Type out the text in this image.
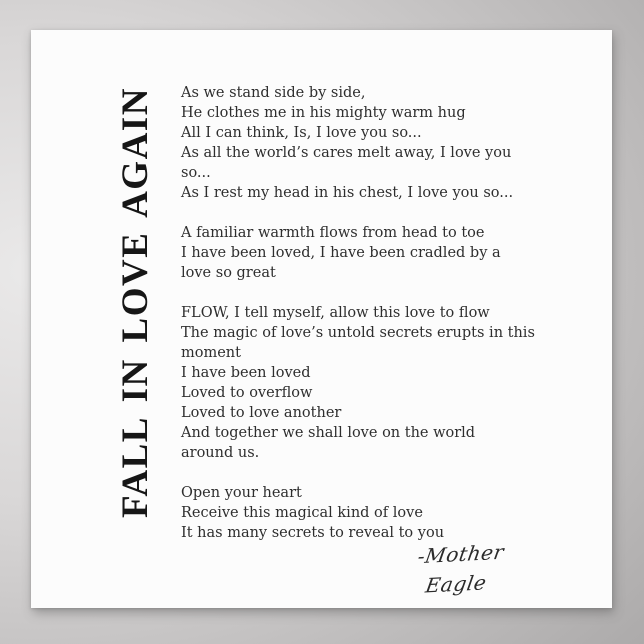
FALL IN LOVE AGAIN As we stand side by side,
He clothes me in his mighty warm hug
All I can think, Is, I love you so...
As all the world’s cares melt away, I love you
so...
As I rest my head in his chest, I love you so...
A familiar warmth flows from head to toe
I have been loved, I have been cradled by a
love so great
FLOW, I tell myself, allow this love to flow
The magic of love’s untold secrets erupts in this
moment
I have been loved
Loved to overflow
Loved to love another
And together we shall love on the world
around us.
Open your heart
Receive this magical kind of love
It has many secrets to reveal to you
-Mother Eagle
